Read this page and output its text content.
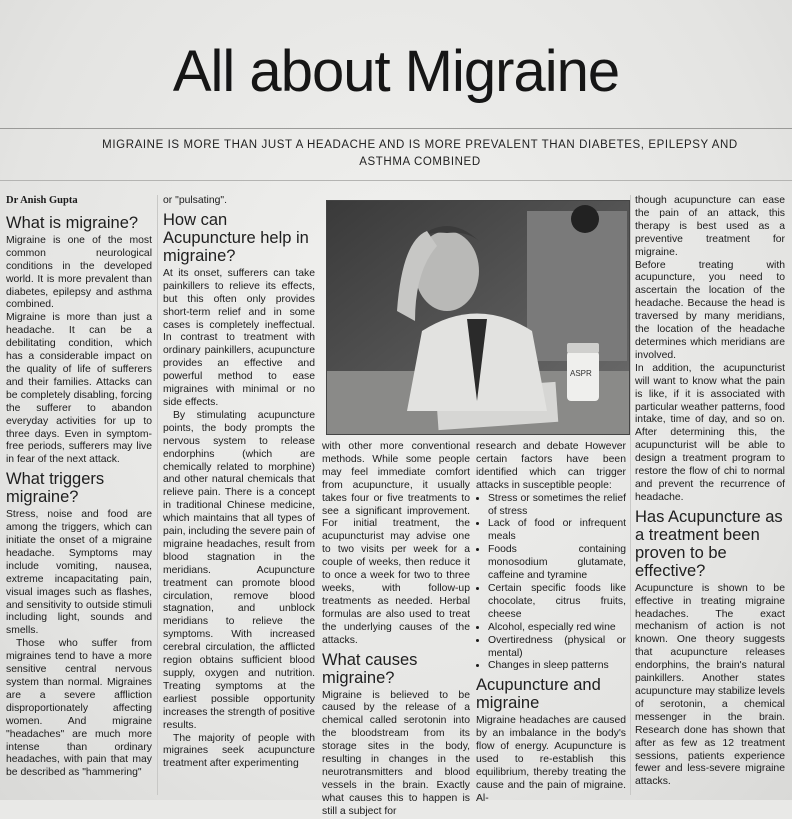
All about Migraine
MIGRAINE IS MORE THAN JUST A HEADACHE AND IS MORE PREVALENT THAN DIABETES, EPILEPSY AND ASTHMA COMBINED
Dr Anish Gupta
What is migraine?

Migraine is one of the most common neurological conditions in the developed world. It is more prevalent than diabetes, epilepsy and asthma combined.

Migraine is more than just a headache. It can be a debilitating condition, which has a considerable impact on the quality of life of sufferers and their families. Attacks can be completely disabling, forcing the sufferer to abandon everyday activities for up to three days. Even in symptom-free periods, sufferers may live in fear of the next attack.

What triggers migraine?

Stress, noise and food are among the triggers, which can initiate the onset of a migraine headache. Symptoms may include vomiting, nausea, extreme incapacitating pain, visual images such as flashes, and sensitivity to outside stimuli including light, sounds and smells.

Those who suffer from migraines tend to have a more sensitive central nervous system than normal. Migraines are a severe affliction disproportionately affecting women. And migraine "headaches" are much more intense than ordinary headaches, with pain that may be described as "hammering"

or "pulsating".

How can Acupuncture help in migraine?

At its onset, sufferers can take painkillers to relieve its effects, but this often only provides short-term relief and in some cases is completely ineffectual. In contrast to treatment with ordinary painkillers, acupuncture provides an effective and powerful method to ease migraines with minimal or no side effects.

By stimulating acupuncture points, the body prompts the nervous system to release endorphins (which are chemically related to morphine) and other natural chemicals that relieve pain. There is a concept in traditional Chinese medicine, which maintains that all types of pain, including the severe pain of migraine headaches, result from blood stagnation in the meridians. Acupuncture treatment can promote blood circulation, remove blood stagnation, and unblock meridians to relieve the symptoms. With increased cerebral circulation, the afflicted region obtains sufficient blood supply, oxygen and nutrition. Treating symptoms at the earliest possible opportunity increases the strength of positive results.

The majority of people with migraines seek acupuncture treatment after experimenting

ASPR

with other more conventional methods. While some people may feel immediate comfort from acupuncture, it usually takes four or five treatments to see a significant improvement. For initial treatment, the acupuncturist may advise one to two visits per week for a couple of weeks, then reduce it to once a week for two to three weeks, with follow-up treatments as needed. Herbal formulas are also used to treat the underlying causes of the attacks.

What causes migraine?

Migraine is believed to be caused by the release of a chemical called serotonin into the bloodstream from its storage sites in the body, resulting in changes in the neurotransmitters and blood vessels in the brain. Exactly what causes this to happen is still a subject for

research and debate However certain factors have been identified which can trigger attacks in susceptible people:

• Stress or sometimes the relief of stress
• Lack of food or infrequent meals
• Foods containing monosodium glutamate, caffeine and tyramine
• Certain specific foods like chocolate, citrus fruits, cheese
• Alcohol, especially red wine
• Overtiredness (physical or mental)
• Changes in sleep patterns
Acupuncture and migraine

Migraine headaches are caused by an imbalance in the body's flow of energy. Acupuncture is used to re-establish this equilibrium, thereby treating the cause and the pain of migraine. Al-

though acupuncture can ease the pain of an attack, this therapy is best used as a preventive treatment for migraine.

Before treating with acupuncture, you need to ascertain the location of the headache. Because the head is traversed by many meridians, the location of the headache determines which meridians are involved.

In addition, the acupuncturist will want to know what the pain is like, if it is associated with particular weather patterns, food intake, time of day, and so on. After determining this, the acupuncturist will be able to design a treatment program to restore the flow of chi to normal and prevent the recurrence of headache.

Has Acupuncture as a treatment been proven to be effective?

Acupuncture is shown to be effective in treating migraine headaches. The exact mechanism of action is not known. One theory suggests that acupuncture releases endorphins, the brain's natural painkillers. Another states acupuncture may stabilize levels of serotonin, a chemical messenger in the brain. Research done has shown that after as few as 12 treatment sessions, patients experience fewer and less-severe migraine attacks.
